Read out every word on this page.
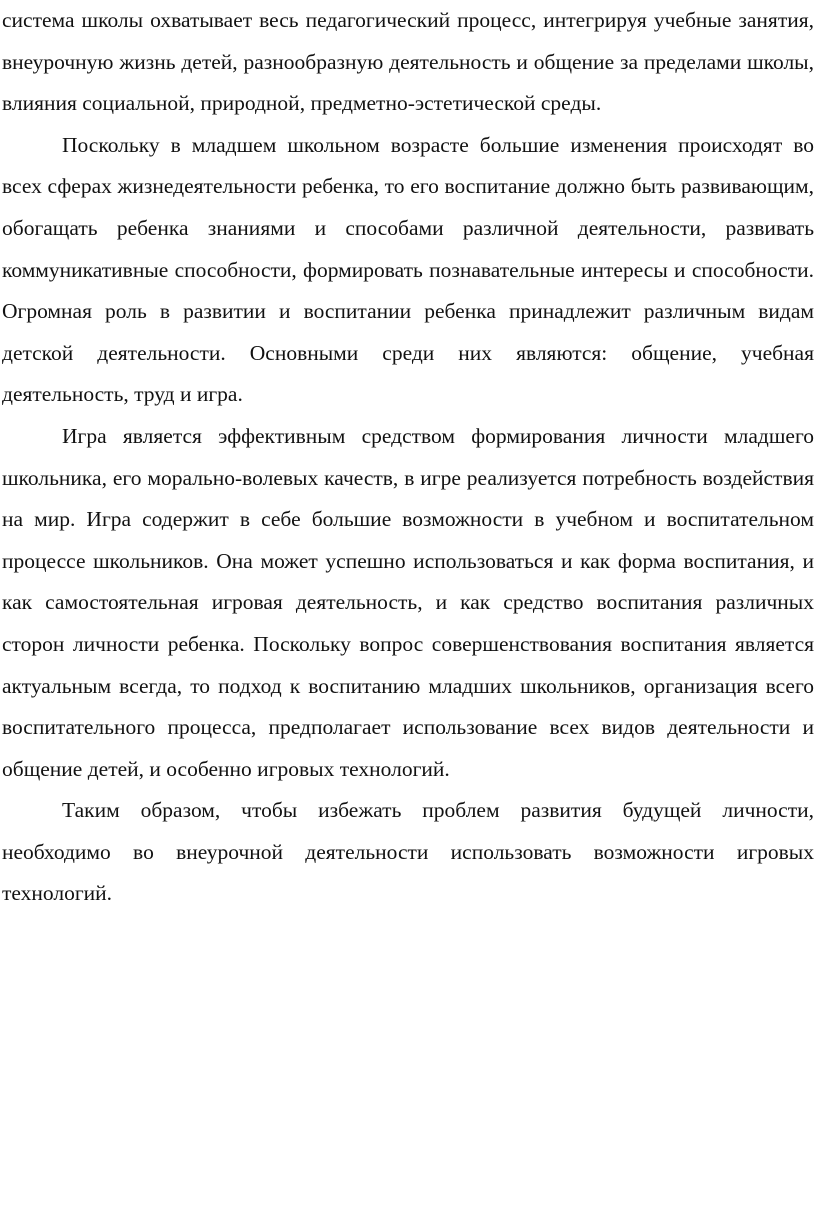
система школы охватывает весь педагогический процесс, интегрируя учебные занятия, внеурочную жизнь детей, разнообразную деятельность и общение за пределами школы, влияния социальной, природной, предметно-эстетической среды.

Поскольку в младшем школьном возрасте большие изменения происходят во всех сферах жизнедеятельности ребенка, то его воспитание должно быть развивающим, обогащать ребенка знаниями и способами различной деятельности, развивать коммуникативные способности, формировать познавательные интересы и способности. Огромная роль в развитии и воспитании ребенка принадлежит различным видам детской деятельности. Основными среди них являются: общение, учебная деятельность, труд и игра.

Игра является эффективным средством формирования личности младшего школьника, его морально-волевых качеств, в игре реализуется потребность воздействия на мир. Игра содержит в себе большие возможности в учебном и воспитательном процессе школьников. Она может успешно использоваться и как форма воспитания, и как самостоятельная игровая деятельность, и как средство воспитания различных сторон личности ребенка. Поскольку вопрос совершенствования воспитания является актуальным всегда, то подход к воспитанию младших школьников, организация всего воспитательного процесса, предполагает использование всех видов деятельности и общение детей, и особенно игровых технологий.

Таким образом, чтобы избежать проблем развития будущей личности, необходимо во внеурочной деятельности использовать возможности игровых технологий.
